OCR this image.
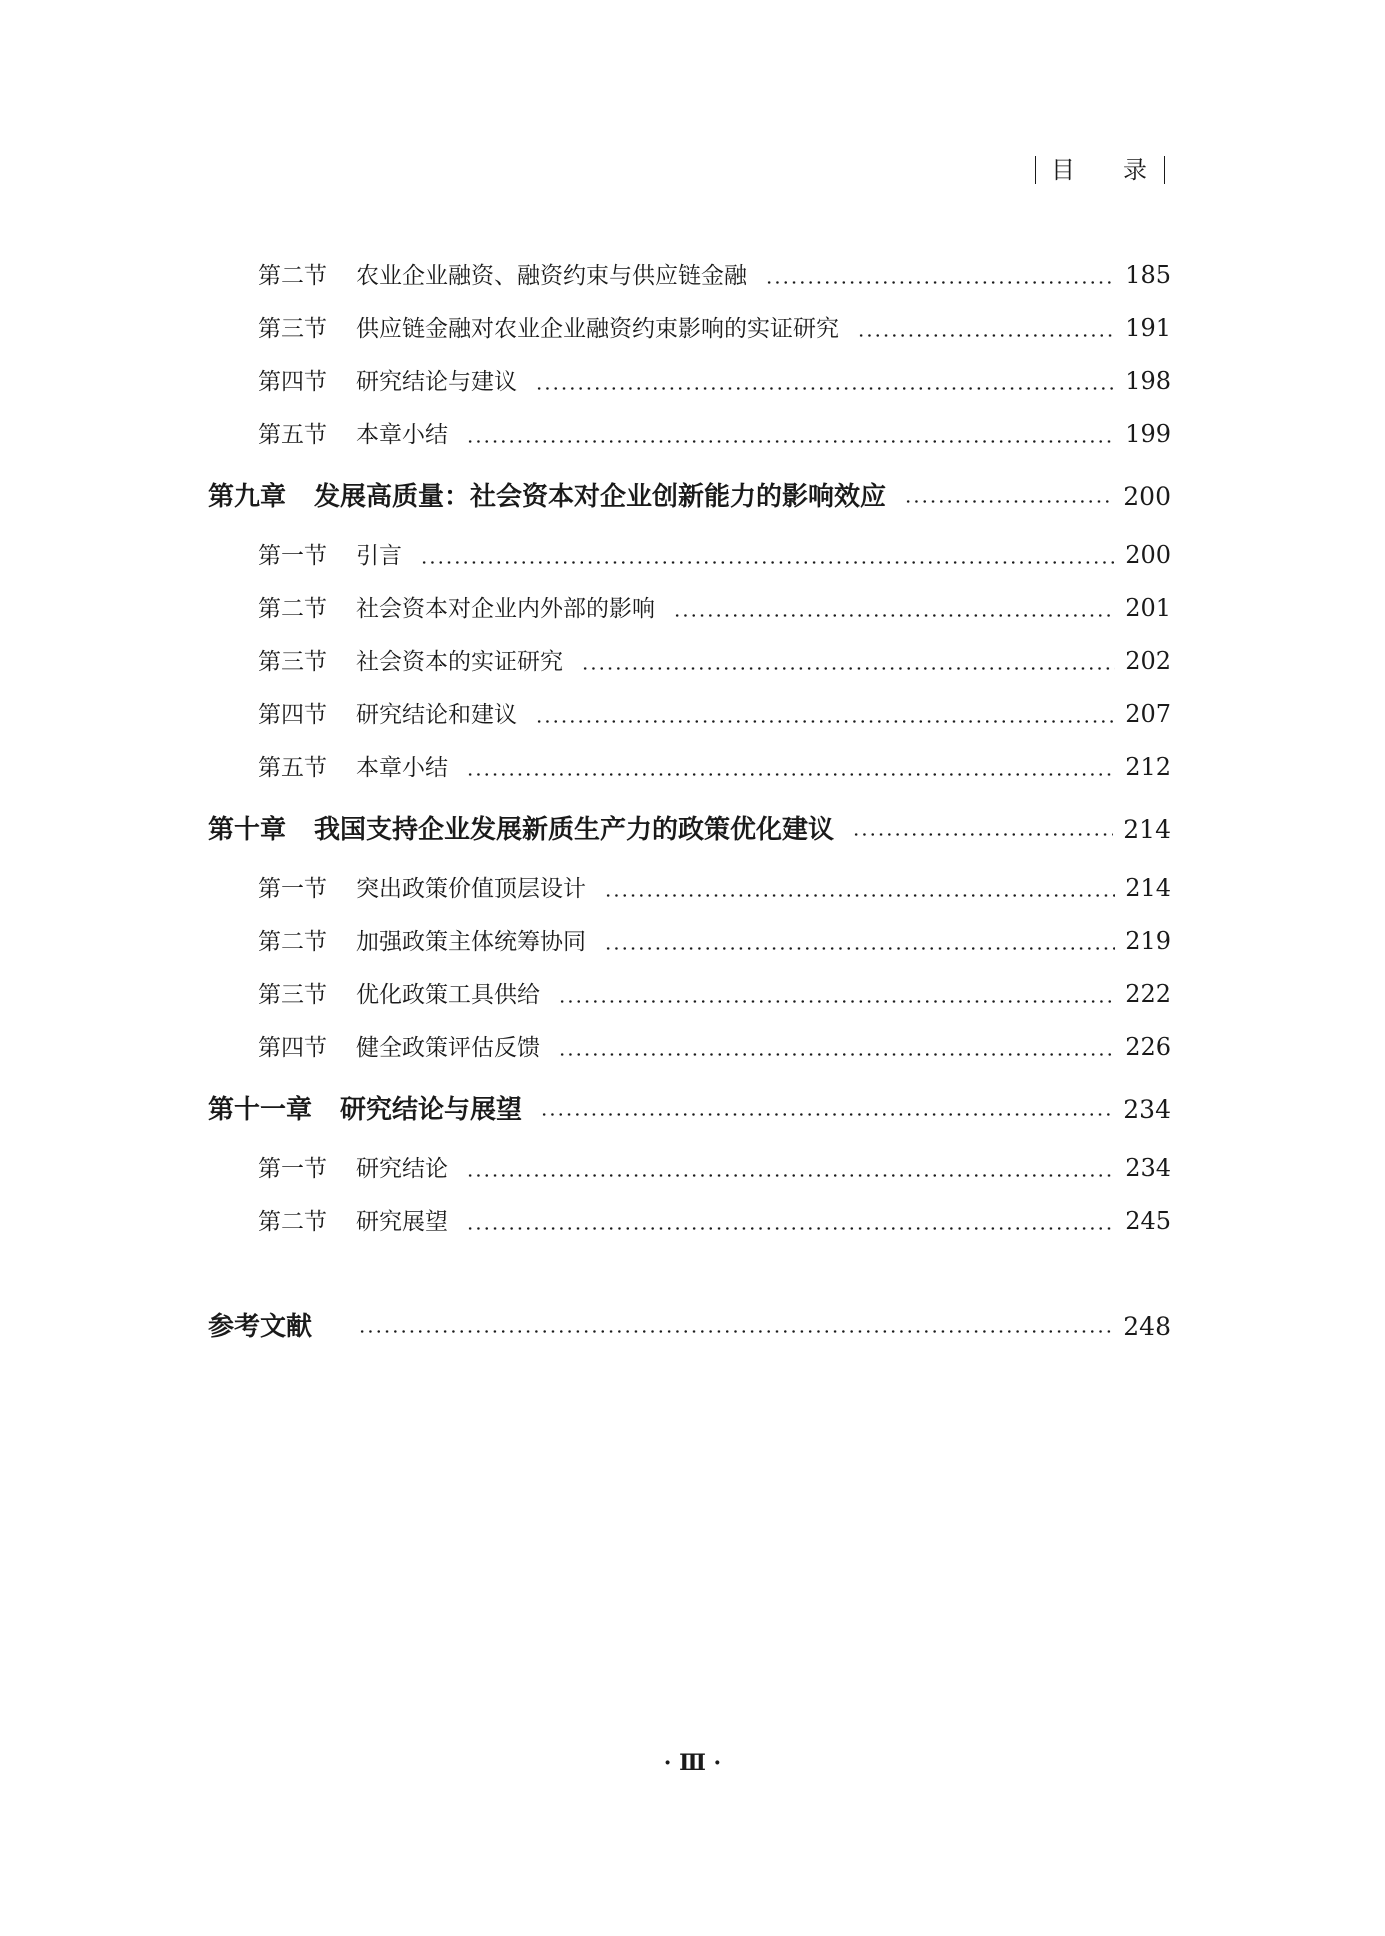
目 录
第二节	农业企业融资、融资约束与供应链金融	185
第三节	供应链金融对农业企业融资约束影响的实证研究	191
第四节	研究结论与建议	198
第五节	本章小结	199
第九章 发展高质量：社会资本对企业创新能力的影响效应	200
第一节	引言	200
第二节	社会资本对企业内外部的影响	201
第三节	社会资本的实证研究	202
第四节	研究结论和建议	207
第五节	本章小结	212
第十章 我国支持企业发展新质生产力的政策优化建议	214
第一节	突出政策价值顶层设计	214
第二节	加强政策主体统筹协同	219
第三节	优化政策工具供给	222
第四节	健全政策评估反馈	226
第十一章 研究结论与展望	234
第一节	研究结论	234
第二节	研究展望	245
参考文献	248
· Ⅲ ·
